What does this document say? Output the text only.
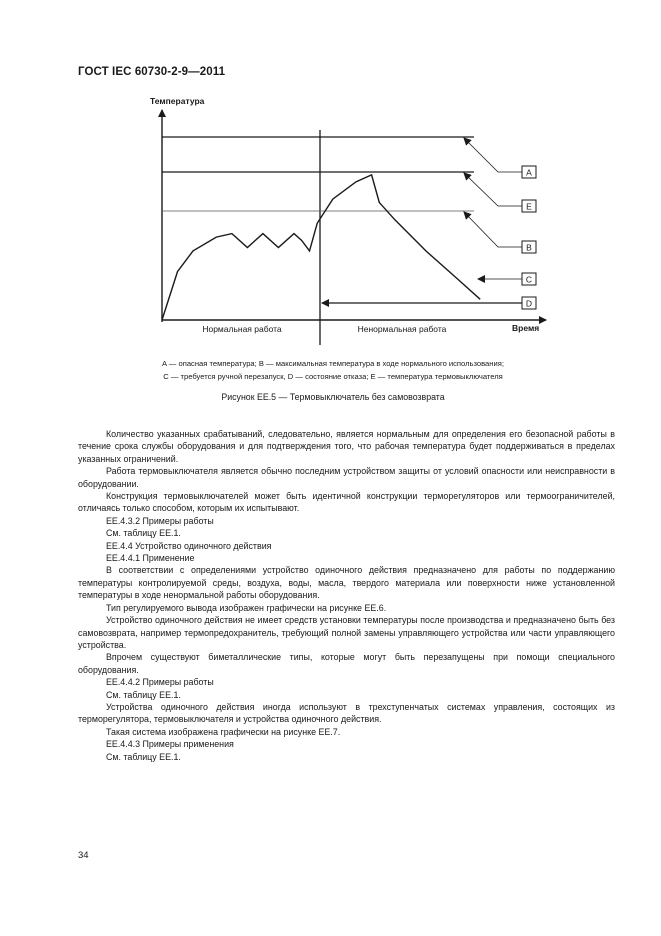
ГОСТ IEC 60730-2-9—2011
Температура
Время
Нормальная работа	Ненормальная работа
A
E
B
C
D
A — опасная температура; B — максимальная температура в ходе нормального использования;
C — требуется ручной перезапуск, D — состояние отказа; E — температура термовыключателя
Рисунок ЕЕ.5 — Термовыключатель без самовозврата

Количество указанных срабатываний, следовательно, является нормальным для определения его безопасной работы в течение срока службы оборудования и для подтверждения того, что рабочая температура будет поддерживаться в пределах указанных ограничений.

Работа термовыключателя является обычно последним устройством защиты от условий опасности или неисправности в оборудовании.

Конструкция термовыключателей может быть идентичной конструкции терморегуляторов или термоограничителей, отличаясь только способом, которым их испытывают.

ЕЕ.4.3.2 Примеры работы

См. таблицу ЕЕ.1.

ЕЕ.4.4 Устройство одиночного действия

ЕЕ.4.4.1 Применение

В соответствии с определениями устройство одиночного действия предназначено для работы по поддержанию температуры контролируемой среды, воздуха, воды, масла, твердого материала или поверхности ниже установленной температуры в ходе ненормальной работы оборудования.

Тип регулируемого вывода изображен графически на рисунке ЕЕ.6.

Устройство одиночного действия не имеет средств установки температуры после производства и предназначено быть без самовозврата, например термопредохранитель, требующий полной замены управляющего устройства или части управляющего устройства.

Впрочем существуют биметаллические типы, которые могут быть перезапущены при помощи специального оборудования.

ЕЕ.4.4.2 Примеры работы

См. таблицу ЕЕ.1.

Устройства одиночного действия иногда используют в трехступенчатых системах управления, состоящих из терморегулятора, термовыключателя и устройства одиночного действия.

Такая система изображена графически на рисунке ЕЕ.7.

ЕЕ.4.4.3 Примеры применения

См. таблицу ЕЕ.1.

34
